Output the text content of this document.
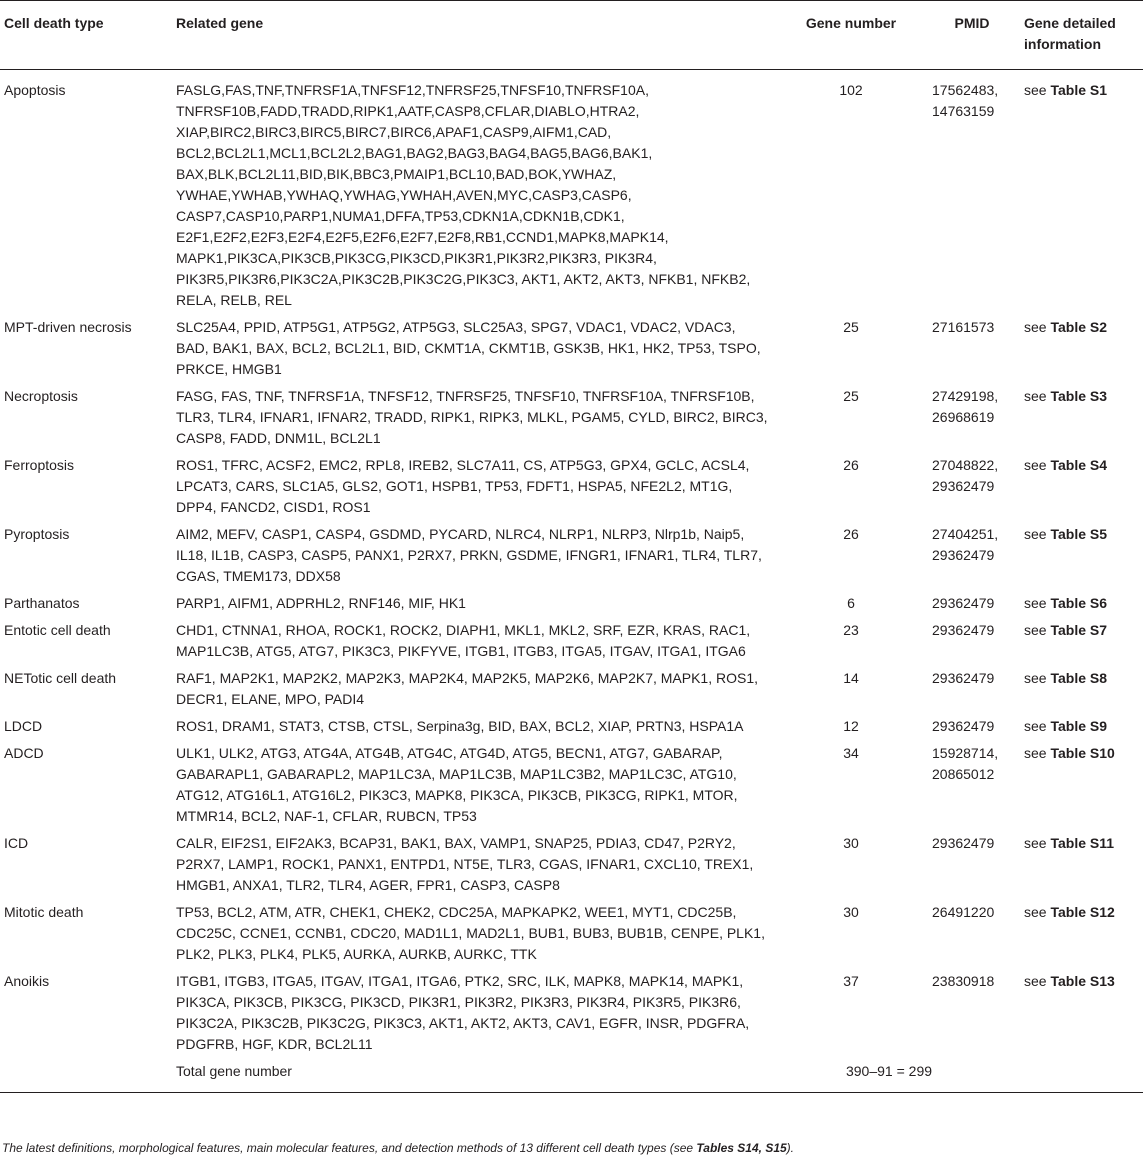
Cell death type	Related gene	Gene number	PMID	Gene detailed information
Apoptosis	FASLG,FAS,TNF,TNFRSF1A,TNFSF12,TNFRSF25,TNFSF10,TNFRSF10A, TNFRSF10B,FADD,TRADD,RIPK1,AATF,CASP8,CFLAR,DIABLO,HTRA2, XIAP,BIRC2,BIRC3,BIRC5,BIRC7,BIRC6,APAF1,CASP9,AIFM1,CAD, BCL2,BCL2L1,MCL1,BCL2L2,BAG1,BAG2,BAG3,BAG4,BAG5,BAG6,BAK1, BAX,BLK,BCL2L11,BID,BIK,BBC3,PMAIP1,BCL10,BAD,BOK,YWHAZ, YWHAE,YWHAB,YWHAQ,YWHAG,YWHAH,AVEN,MYC,CASP3,CASP6, CASP7,CASP10,PARP1,NUMA1,DFFA,TP53,CDKN1A,CDKN1B,CDK1, E2F1,E2F2,E2F3,E2F4,E2F5,E2F6,E2F7,E2F8,RB1,CCND1,MAPK8,MAPK14, MAPK1,PIK3CA,PIK3CB,PIK3CG,PIK3CD,PIK3R1,PIK3R2,PIK3R3, PIK3R4, PIK3R5,PIK3R6,PIK3C2A,PIK3C2B,PIK3C2G,PIK3C3, AKT1, AKT2, AKT3, NFKB1, NFKB2, RELA, RELB, REL	102	17562483, 14763159	see Table S1
MPT-driven necrosis	SLC25A4, PPID, ATP5G1, ATP5G2, ATP5G3, SLC25A3, SPG7, VDAC1, VDAC2, VDAC3, BAD, BAK1, BAX, BCL2, BCL2L1, BID, CKMT1A, CKMT1B, GSK3B, HK1, HK2, TP53, TSPO, PRKCE, HMGB1	25	27161573	see Table S2
Necroptosis	FASG, FAS, TNF, TNFRSF1A, TNFSF12, TNFRSF25, TNFSF10, TNFRSF10A, TNFRSF10B, TLR3, TLR4, IFNAR1, IFNAR2, TRADD, RIPK1, RIPK3, MLKL, PGAM5, CYLD, BIRC2, BIRC3, CASP8, FADD, DNM1L, BCL2L1	25	27429198, 26968619	see Table S3
Ferroptosis	ROS1, TFRC, ACSF2, EMC2, RPL8, IREB2, SLC7A11, CS, ATP5G3, GPX4, GCLC, ACSL4, LPCAT3, CARS, SLC1A5, GLS2, GOT1, HSPB1, TP53, FDFT1, HSPA5, NFE2L2, MT1G, DPP4, FANCD2, CISD1, ROS1	26	27048822, 29362479	see Table S4
Pyroptosis	AIM2, MEFV, CASP1, CASP4, GSDMD, PYCARD, NLRC4, NLRP1, NLRP3, Nlrp1b, Naip5, IL18, IL1B, CASP3, CASP5, PANX1, P2RX7, PRKN, GSDME, IFNGR1, IFNAR1, TLR4, TLR7, CGAS, TMEM173, DDX58	26	27404251, 29362479	see Table S5
Parthanatos	PARP1, AIFM1, ADPRHL2, RNF146, MIF, HK1	6	29362479	see Table S6
Entotic cell death	CHD1, CTNNA1, RHOA, ROCK1, ROCK2, DIAPH1, MKL1, MKL2, SRF, EZR, KRAS, RAC1, MAP1LC3B, ATG5, ATG7, PIK3C3, PIKFYVE, ITGB1, ITGB3, ITGA5, ITGAV, ITGA1, ITGA6	23	29362479	see Table S7
NETotic cell death	RAF1, MAP2K1, MAP2K2, MAP2K3, MAP2K4, MAP2K5, MAP2K6, MAP2K7, MAPK1, ROS1, DECR1, ELANE, MPO, PADI4	14	29362479	see Table S8
LDCD	ROS1, DRAM1, STAT3, CTSB, CTSL, Serpina3g, BID, BAX, BCL2, XIAP, PRTN3, HSPA1A	12	29362479	see Table S9
ADCD	ULK1, ULK2, ATG3, ATG4A, ATG4B, ATG4C, ATG4D, ATG5, BECN1, ATG7, GABARAP, GABARAPL1, GABARAPL2, MAP1LC3A, MAP1LC3B, MAP1LC3B2, MAP1LC3C, ATG10, ATG12, ATG16L1, ATG16L2, PIK3C3, MAPK8, PIK3CA, PIK3CB, PIK3CG, RIPK1, MTOR, MTMR14, BCL2, NAF-1, CFLAR, RUBCN, TP53	34	15928714, 20865012	see Table S10
ICD	CALR, EIF2S1, EIF2AK3, BCAP31, BAK1, BAX, VAMP1, SNAP25, PDIA3, CD47, P2RY2, P2RX7, LAMP1, ROCK1, PANX1, ENTPD1, NT5E, TLR3, CGAS, IFNAR1, CXCL10, TREX1, HMGB1, ANXA1, TLR2, TLR4, AGER, FPR1, CASP3, CASP8	30	29362479	see Table S11
Mitotic death	TP53, BCL2, ATM, ATR, CHEK1, CHEK2, CDC25A, MAPKAPK2, WEE1, MYT1, CDC25B, CDC25C, CCNE1, CCNB1, CDC20, MAD1L1, MAD2L1, BUB1, BUB3, BUB1B, CENPE, PLK1, PLK2, PLK3, PLK4, PLK5, AURKA, AURKB, AURKC, TTK	30	26491220	see Table S12
Anoikis	ITGB1, ITGB3, ITGA5, ITGAV, ITGA1, ITGA6, PTK2, SRC, ILK, MAPK8, MAPK14, MAPK1, PIK3CA, PIK3CB, PIK3CG, PIK3CD, PIK3R1, PIK3R2, PIK3R3, PIK3R4, PIK3R5, PIK3R6, PIK3C2A, PIK3C2B, PIK3C2G, PIK3C3, AKT1, AKT2, AKT3, CAV1, EGFR, INSR, PDGFRA, PDGFRB, HGF, KDR, BCL2L11	37	23830918	see Table S13
	Total gene number	390–91 = 299		
The latest definitions, morphological features, main molecular features, and detection methods of 13 different cell death types (see Tables S14, S15).
